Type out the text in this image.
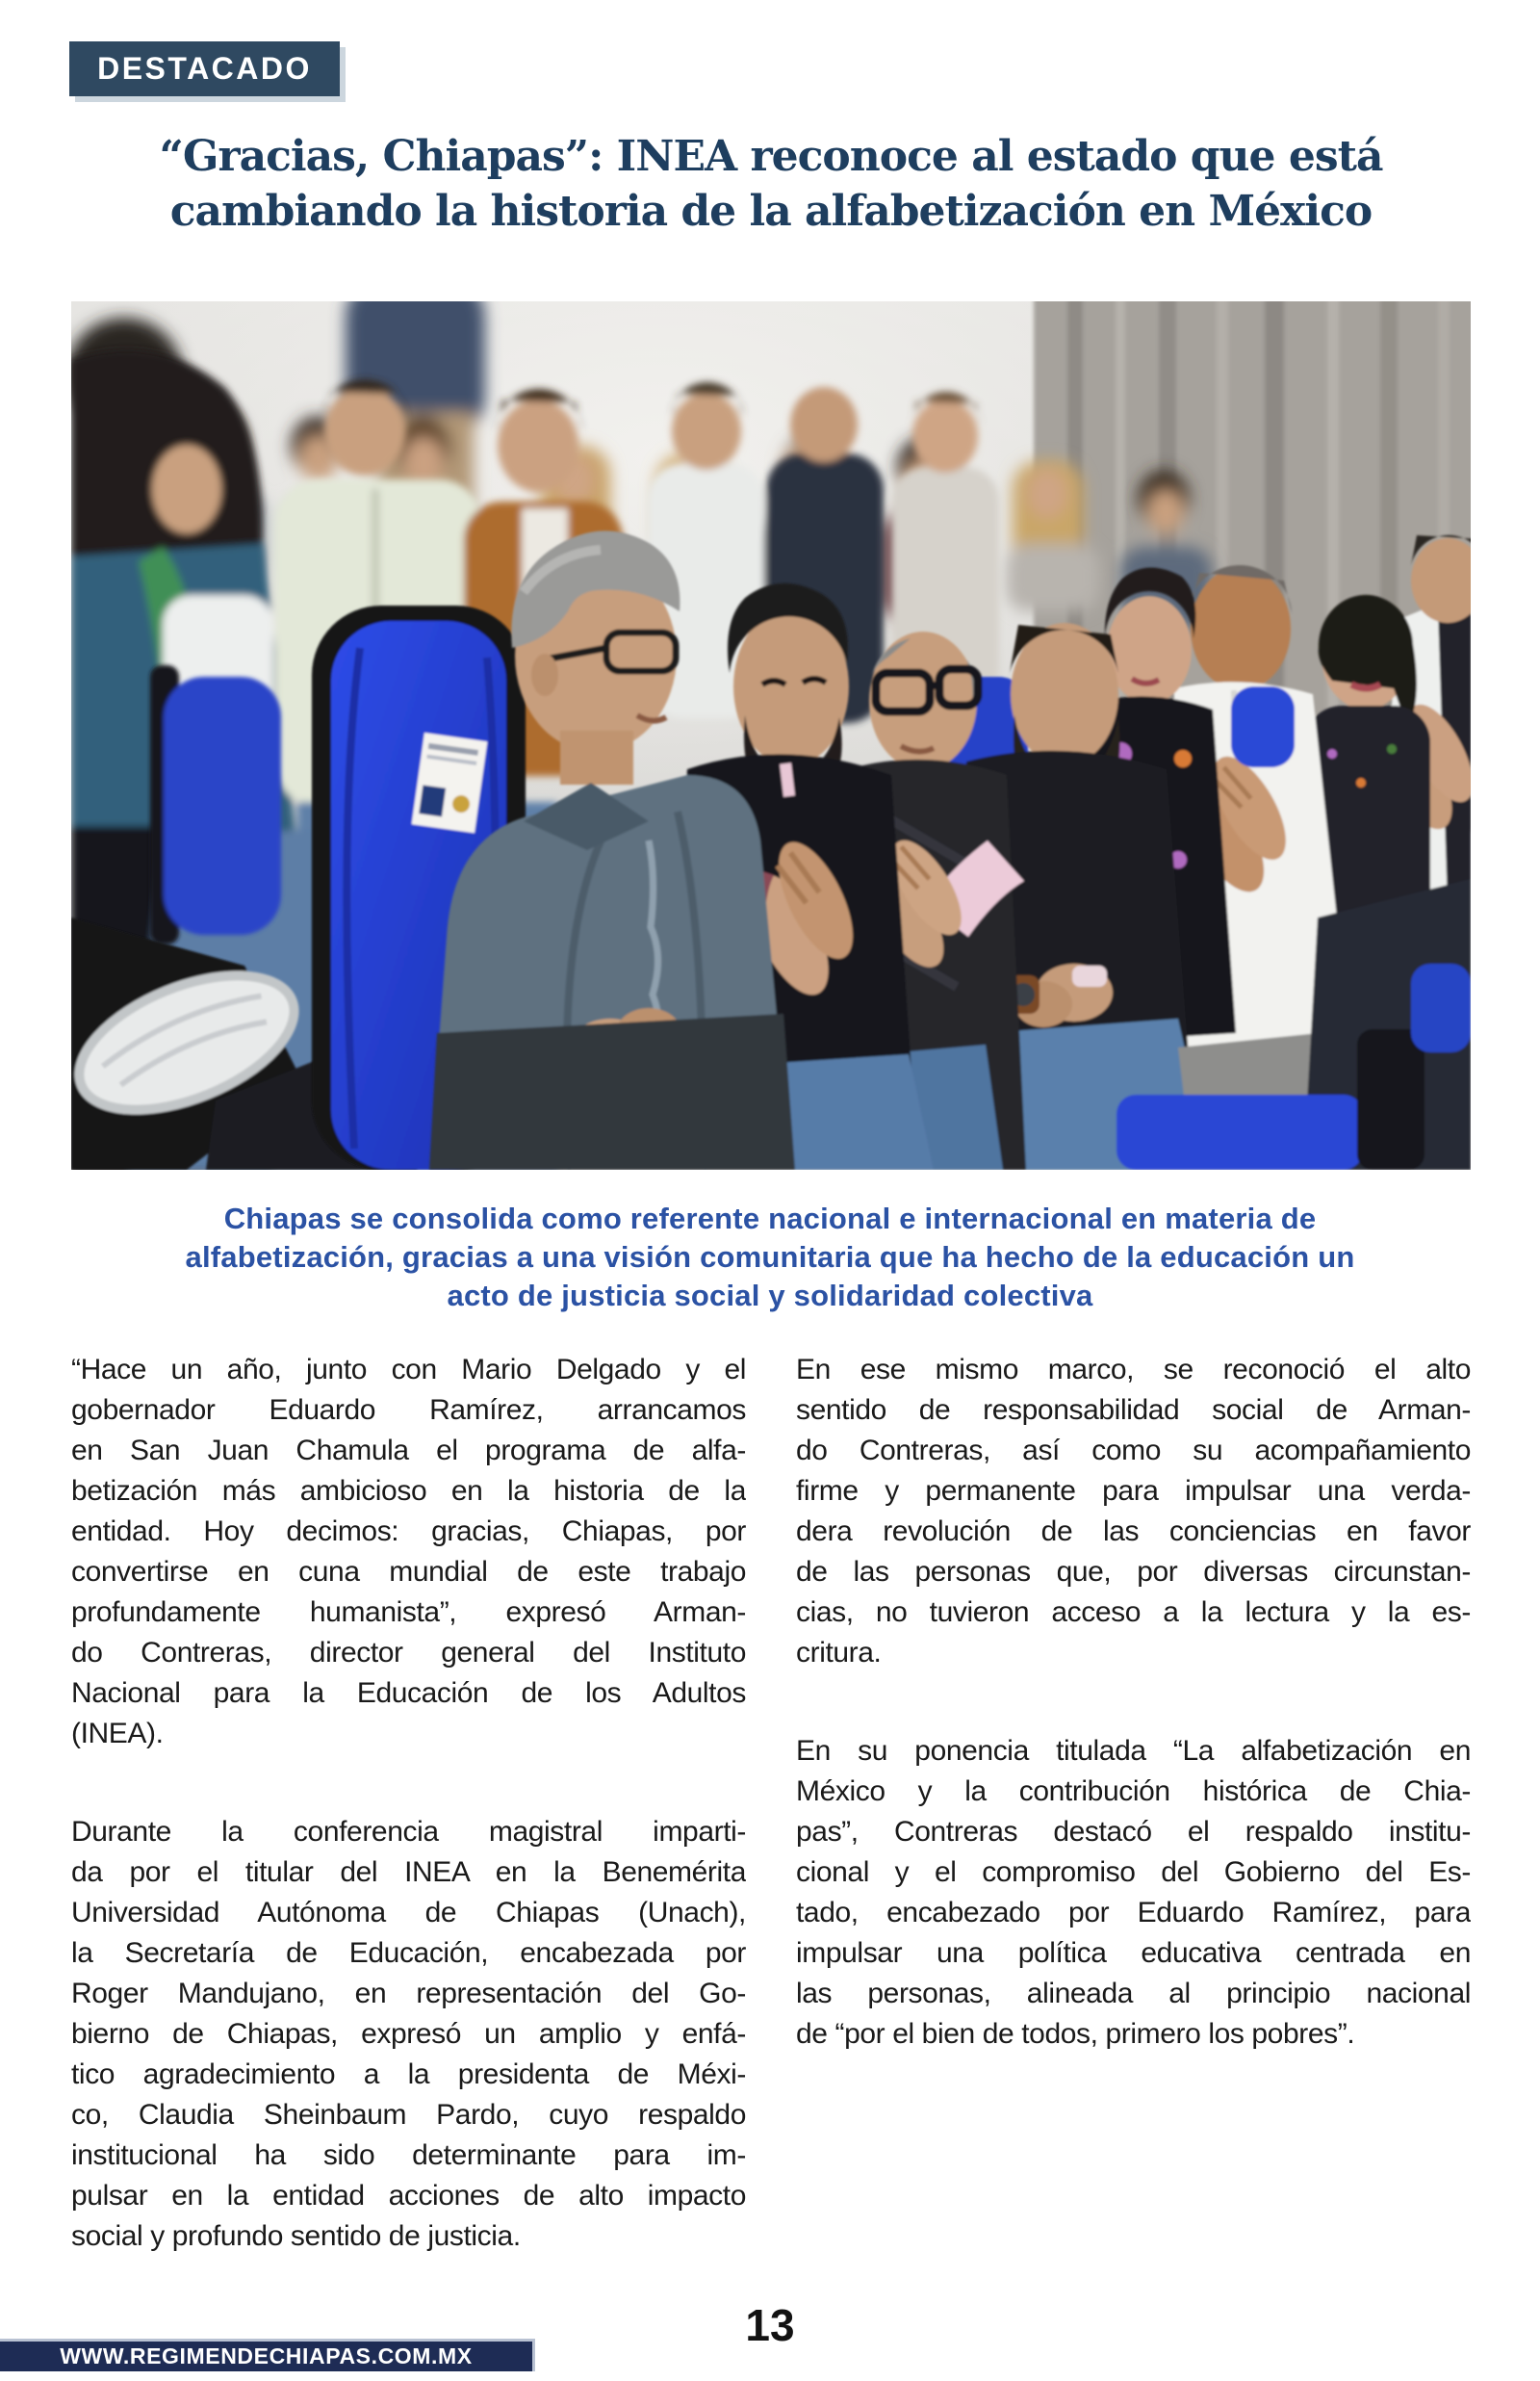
DESTACADO
“Gracias, Chiapas”: INEA reconoce al estado que está
cambiando la historia de la alfabetización en México
Chiapas se consolida como referente nacional e internacional en materia de
alfabetización, gracias a una visión comunitaria que ha hecho de la educación un
acto de justicia social y solidaridad colectiva
“Hace un año, junto con Mario Delgado y el
gobernador Eduardo Ramírez, arrancamos
en San Juan Chamula el programa de alfa-
betización más ambicioso en la historia de la
entidad. Hoy decimos: gracias, Chiapas, por
convertirse en cuna mundial de este trabajo
profundamente humanista”, expresó Arman-
do Contreras, director general del Instituto
Nacional para la Educación de los Adultos
(INEA).
Durante la conferencia magistral imparti-
da por el titular del INEA en la Benemérita
Universidad Autónoma de Chiapas (Unach),
la Secretaría de Educación, encabezada por
Roger Mandujano, en representación del Go-
bierno de Chiapas, expresó un amplio y enfá-
tico agradecimiento a la presidenta de Méxi-
co, Claudia Sheinbaum Pardo, cuyo respaldo
institucional ha sido determinante para im-
pulsar en la entidad acciones de alto impacto
social y profundo sentido de justicia.
En ese mismo marco, se reconoció el alto
sentido de responsabilidad social de Arman-
do Contreras, así como su acompañamiento
firme y permanente para impulsar una verda-
dera revolución de las conciencias en favor
de las personas que, por diversas circunstan-
cias, no tuvieron acceso a la lectura y la es-
critura.
En su ponencia titulada “La alfabetización en
México y la contribución histórica de Chia-
pas”, Contreras destacó el respaldo institu-
cional y el compromiso del Gobierno del Es-
tado, encabezado por Eduardo Ramírez, para
impulsar una política educativa centrada en
las personas, alineada al principio nacional
de “por el bien de todos, primero los pobres”.
13
WWW.REGIMENDECHIAPAS.COM.MX
